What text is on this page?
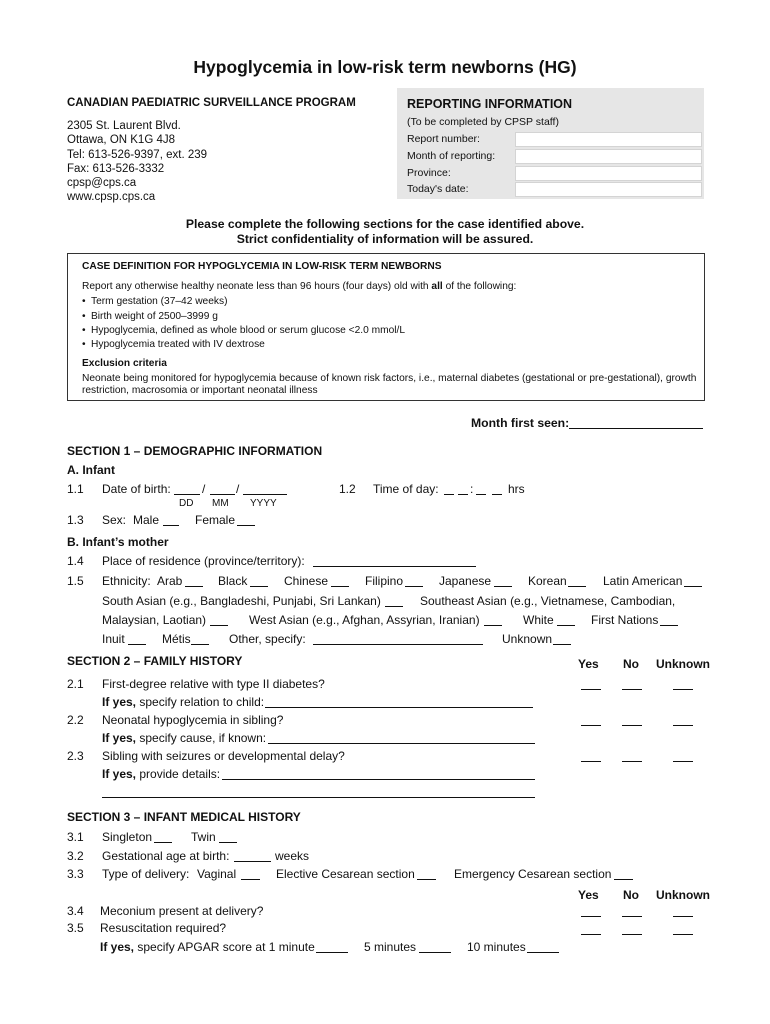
Hypoglycemia in low-risk term newborns (HG)
CANADIAN PAEDIATRIC SURVEILLANCE PROGRAM
2305 St. Laurent Blvd.
Ottawa, ON K1G 4J8
Tel: 613-526-9397, ext. 239
Fax: 613-526-3332
cpsp@cps.ca
www.cpsp.cps.ca
REPORTING INFORMATION
(To be completed by CPSP staff)
Report number:
Month of reporting:
Province:
Today's date:
Please complete the following sections for the case identified above.
Strict confidentiality of information will be assured.
CASE DEFINITION FOR HYPOGLYCEMIA IN LOW-RISK TERM NEWBORNS
Report any otherwise healthy neonate less than 96 hours (four days) old with all of the following:
• Term gestation (37–42 weeks)
• Birth weight of 2500–3999 g
• Hypoglycemia, defined as whole blood or serum glucose <2.0 mmol/L
• Hypoglycemia treated with IV dextrose
Exclusion criteria
Neonate being monitored for hypoglycemia because of known risk factors, i.e., maternal diabetes (gestational or pre-gestational), growth
restriction, macrosomia or important neonatal illness
Month first seen:
SECTION 1 – DEMOGRAPHIC INFORMATION
A. Infant
1.1 Date of birth:	/	/
DD MM YYYY
1.2 Time of day:	:	hrs
1.3 Sex: Male	Female
B. Infant’s mother
1.4 Place of residence (province/territory):
1.5 Ethnicity: Arab	Black	Chinese	Filipino	Japanese	Korean	Latin American
South Asian (e.g., Bangladeshi, Punjabi, Sri Lankan)	Southeast Asian (e.g., Vietnamese, Cambodian,
Malaysian, Laotian)	West Asian (e.g., Afghan, Assyrian, Iranian)	White	First Nations
Inuit	Métis	Other, specify:	Unknown
SECTION 2 – FAMILY HISTORY	Yes No Unknown
2.1 First-degree relative with type II diabetes?
If yes, specify relation to child:
2.2 Neonatal hypoglycemia in sibling?
If yes, specify cause, if known:
2.3 Sibling with seizures or developmental delay?
If yes, provide details:
SECTION 3 – INFANT MEDICAL HISTORY
3.1 Singleton	Twin
3.2 Gestational age at birth:	weeks
3.3 Type of delivery: Vaginal	Elective Cesarean section	Emergency Cesarean section
Yes No Unknown
3.4 Meconium present at delivery?
3.5 Resuscitation required?
If yes, specify APGAR score at 1 minute	5 minutes	10 minutes
